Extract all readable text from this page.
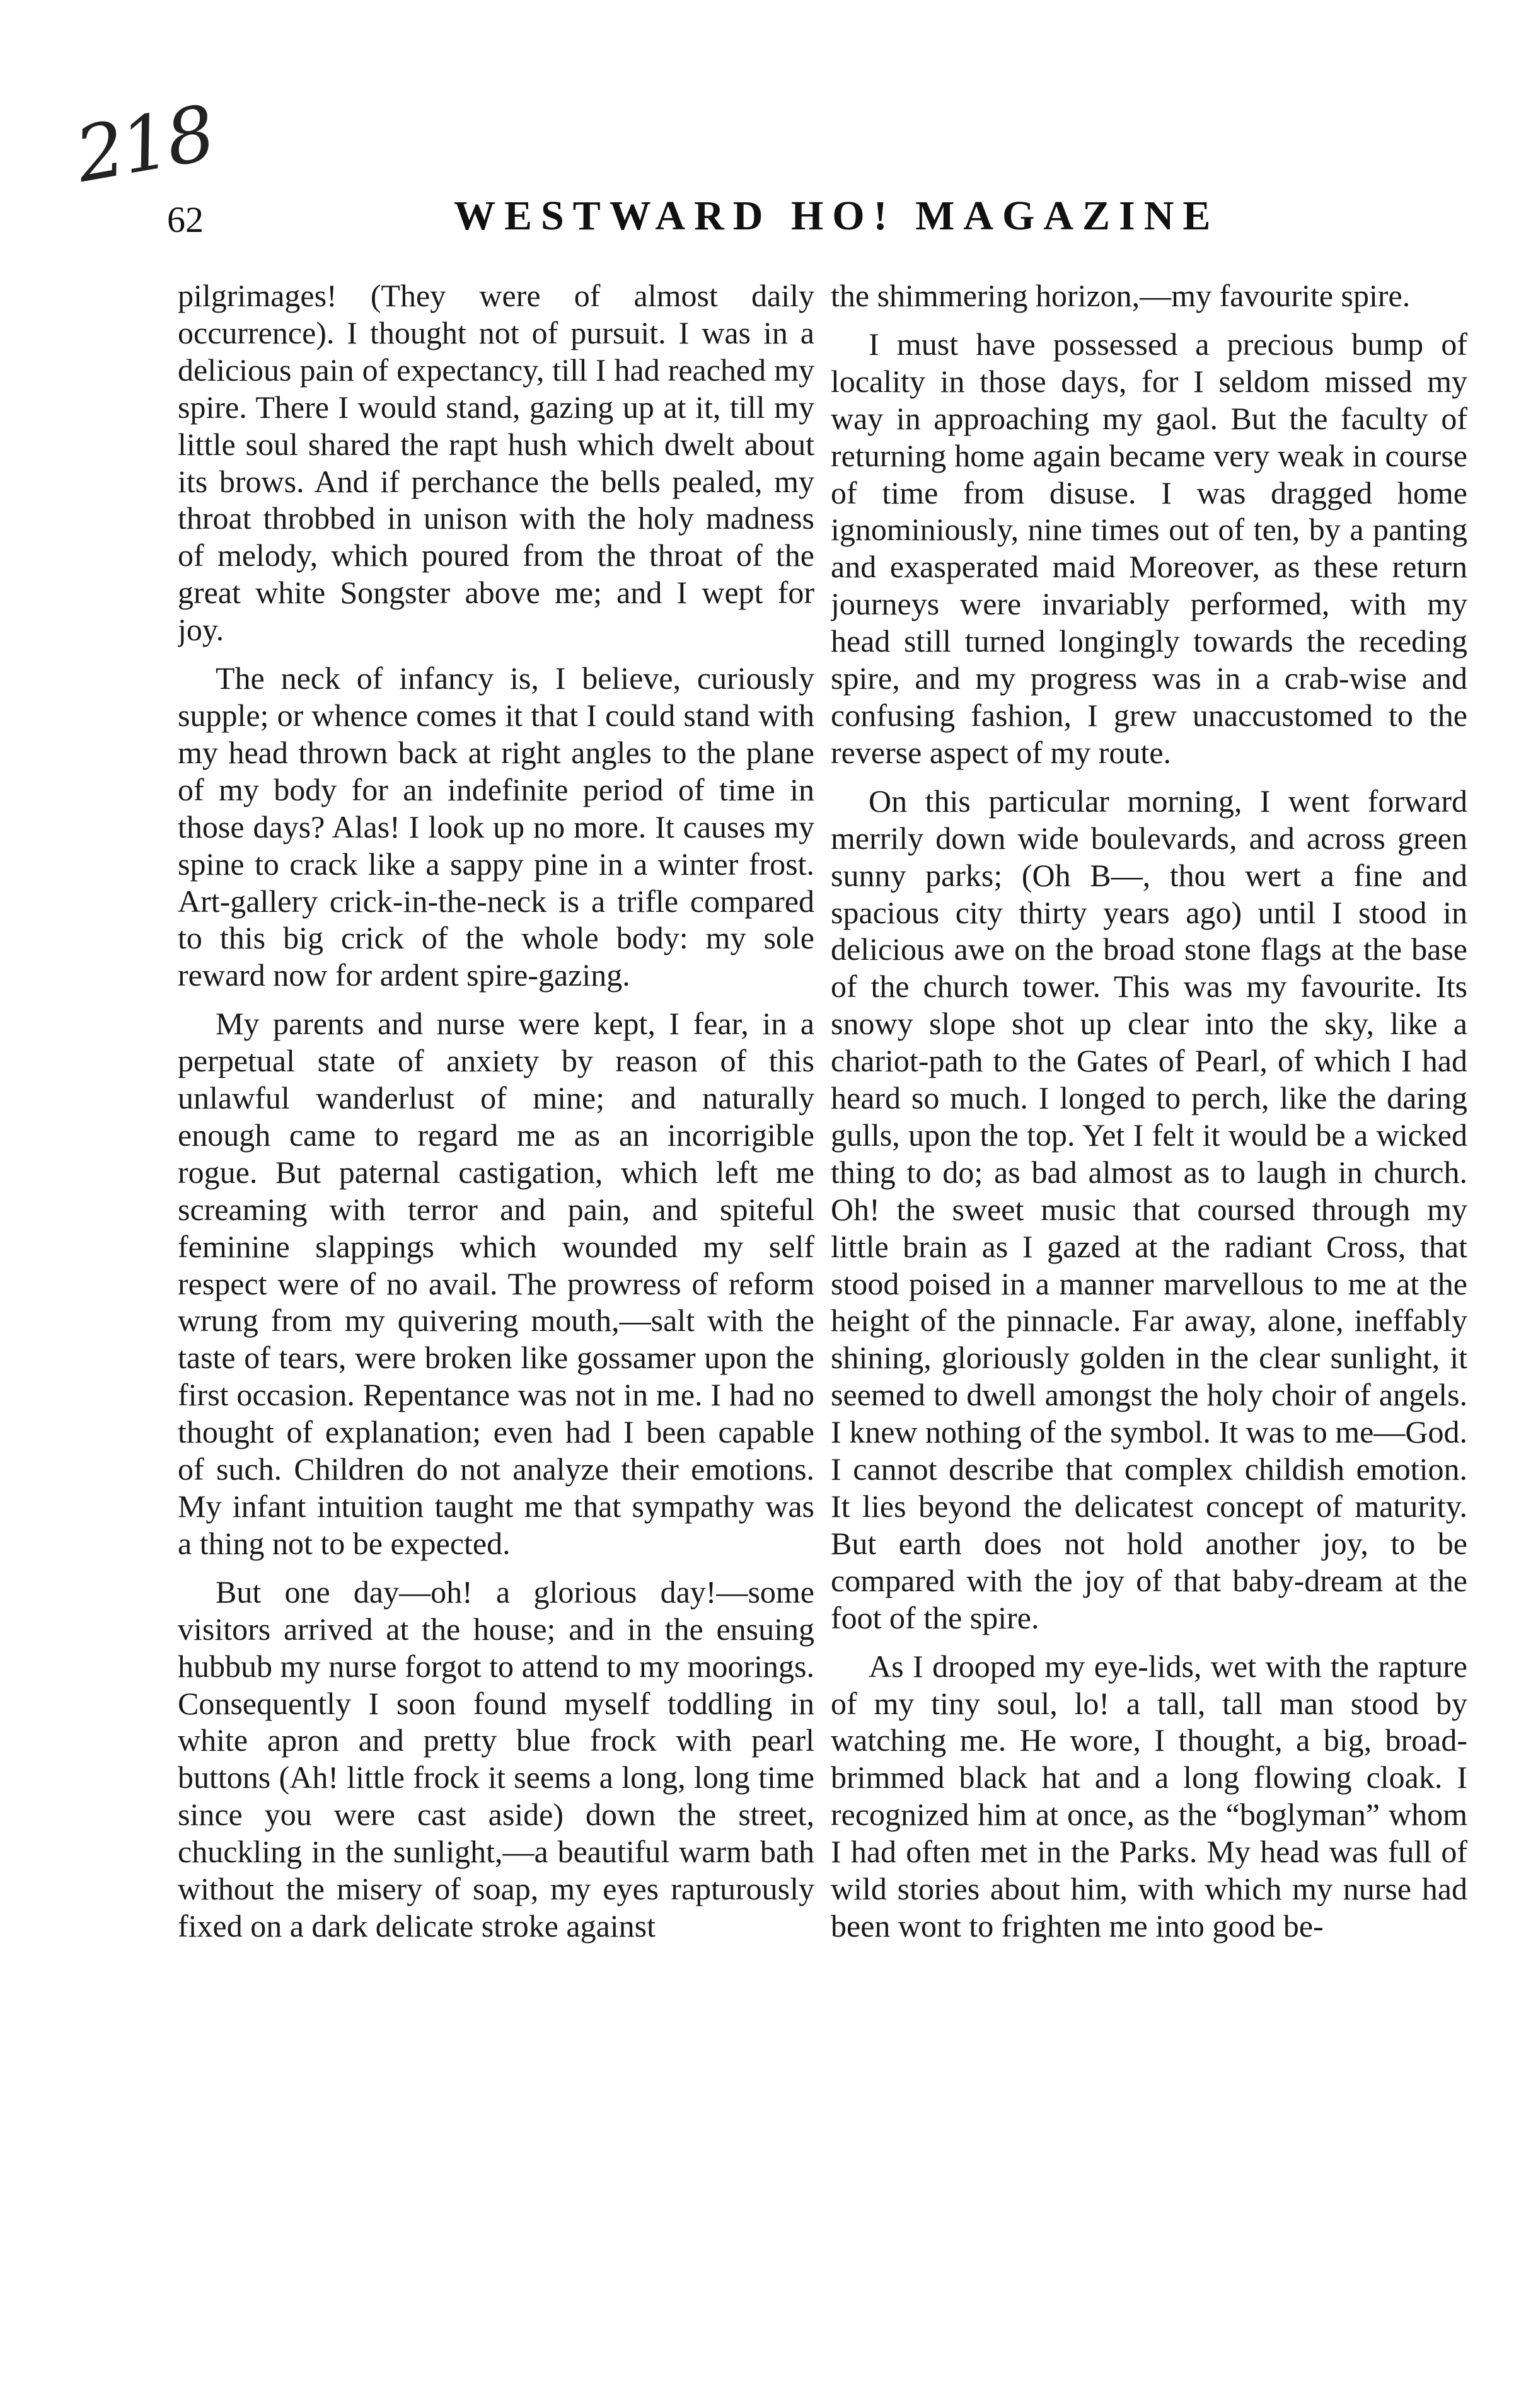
218
62	WESTWARD HO! MAGAZINE

pilgrimages! (They were of almost daily occurrence). I thought not of pursuit. I was in a delicious pain of expectancy, till I had reached my spire. There I would stand, gazing up at it, till my little soul shared the rapt hush which dwelt about its brows. And if perchance the bells pealed, my throat throbbed in unison with the holy madness of melody, which poured from the throat of the great white Songster above me; and I wept for joy.

The neck of infancy is, I believe, curiously supple; or whence comes it that I could stand with my head thrown back at right angles to the plane of my body for an indefinite period of time in those days? Alas! I look up no more. It causes my spine to crack like a sappy pine in a winter frost. Art-gallery crick-in-the-neck is a trifle compared to this big crick of the whole body: my sole reward now for ardent spire-gazing.

My parents and nurse were kept, I fear, in a perpetual state of anxiety by reason of this unlawful wanderlust of mine; and naturally enough came to regard me as an incorrigible rogue. But paternal castigation, which left me screaming with terror and pain, and spiteful feminine slappings which wounded my self respect were of no avail. The prowress of reform wrung from my quivering mouth,—salt with the taste of tears, were broken like gossamer upon the first occasion. Repentance was not in me. I had no thought of explanation; even had I been capable of such. Children do not analyze their emotions. My infant intuition taught me that sympathy was a thing not to be expected.

But one day—oh! a glorious day!—some visitors arrived at the house; and in the ensuing hubbub my nurse forgot to attend to my moorings. Consequently I soon found myself toddling in white apron and pretty blue frock with pearl buttons (Ah! little frock it seems a long, long time since you were cast aside) down the street, chuckling in the sunlight,—a beautiful warm bath without the misery of soap, my eyes rapturously fixed on a dark delicate stroke against

the shimmering horizon,—my favourite spire.

I must have possessed a precious bump of locality in those days, for I seldom missed my way in approaching my gaol. But the faculty of returning home again became very weak in course of time from disuse. I was dragged home ignominiously, nine times out of ten, by a panting and exasperated maid Moreover, as these return journeys were invariably performed, with my head still turned longingly towards the receding spire, and my progress was in a crab-wise and confusing fashion, I grew unaccustomed to the reverse aspect of my route.

On this particular morning, I went forward merrily down wide boulevards, and across green sunny parks; (Oh B—, thou wert a fine and spacious city thirty years ago) until I stood in delicious awe on the broad stone flags at the base of the church tower. This was my favourite. Its snowy slope shot up clear into the sky, like a chariot-path to the Gates of Pearl, of which I had heard so much. I longed to perch, like the daring gulls, upon the top. Yet I felt it would be a wicked thing to do; as bad almost as to laugh in church. Oh! the sweet music that coursed through my little brain as I gazed at the radiant Cross, that stood poised in a manner marvellous to me at the height of the pinnacle. Far away, alone, ineffably shining, gloriously golden in the clear sunlight, it seemed to dwell amongst the holy choir of angels. I knew nothing of the symbol. It was to me—God. I cannot describe that complex childish emotion. It lies beyond the delicatest concept of maturity. But earth does not hold another joy, to be compared with the joy of that baby-dream at the foot of the spire.

As I drooped my eye-lids, wet with the rapture of my tiny soul, lo! a tall, tall man stood by watching me. He wore, I thought, a big, broad-brimmed black hat and a long flowing cloak. I recognized him at once, as the “boglyman” whom I had often met in the Parks. My head was full of wild stories about him, with which my nurse had been wont to frighten me into good be-
